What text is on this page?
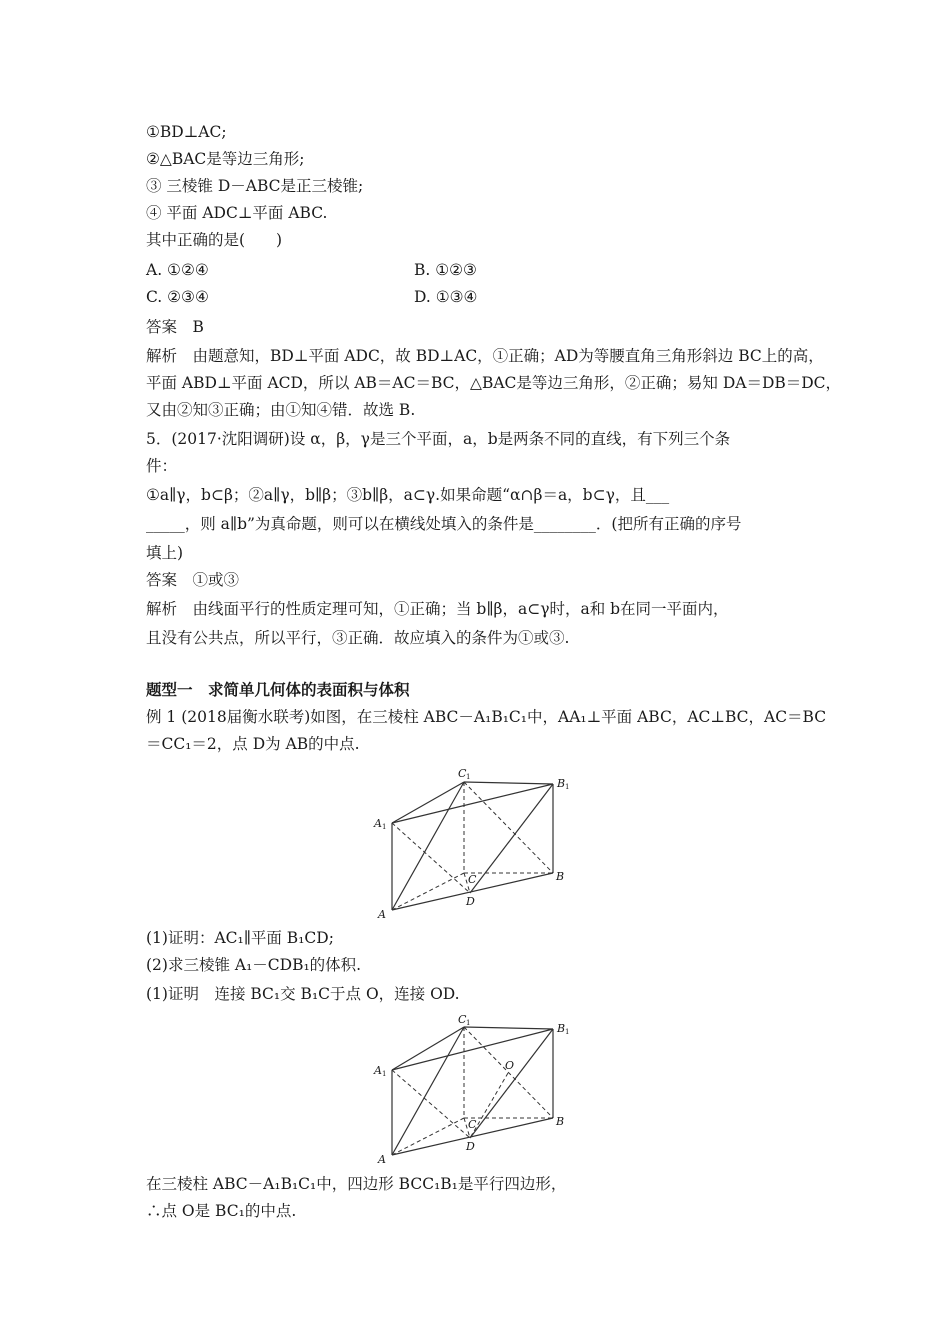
①BD⊥AC;
②△BAC是等边三角形;
③ 三棱锥 D－ABC是正三棱锥;
④ 平面 ADC⊥平面 ABC.
其中正确的是(　　)
A. ①②④	B. ①②③
C. ②③④	D. ①③④
答案　B
解析　由题意知，BD⊥平面 ADC，故 BD⊥AC，①正确；AD为等腰直角三角形斜边 BC上的高，
平面 ABD⊥平面 ACD，所以 AB＝AC＝BC，△BAC是等边三角形，②正确；易知 DA＝DB＝DC，
又由②知③正确；由①知④错．故选 B.
5．(2017·沈阳调研)设 α，β，γ是三个平面，a，b是两条不同的直线，有下列三个条
件：
①a∥γ，b⊂β；②a∥γ，b∥β；③b∥β，a⊂γ.如果命题“α∩β＝a，b⊂γ，且___
_____，则 a∥b”为真命题，则可以在横线处填入的条件是________．(把所有正确的序号
填上)
答案　①或③
解析　由线面平行的性质定理可知，①正确；当 b∥β，a⊂γ时，a和 b在同一平面内，
且没有公共点，所以平行，③正确．故应填入的条件为①或③.
题型一　求简单几何体的表面积与体积
例 1 (2018届衡水联考)如图，在三棱柱 ABC－A₁B₁C₁中，AA₁⊥平面 ABC，AC⊥BC，AC＝BC
＝CC₁＝2，点 D为 AB的中点.
C 1	B 1
A 1
C	B
D
A
(1)证明：AC₁∥平面 B₁CD;
(2)求三棱锥 A₁－CDB₁的体积.
(1)证明　连接 BC₁交 B₁C于点 O，连接 OD.
C 1	B 1
A 1
O
C	B
D
A
在三棱柱 ABC－A₁B₁C₁中，四边形 BCC₁B₁是平行四边形，
∴点 O是 BC₁的中点.
